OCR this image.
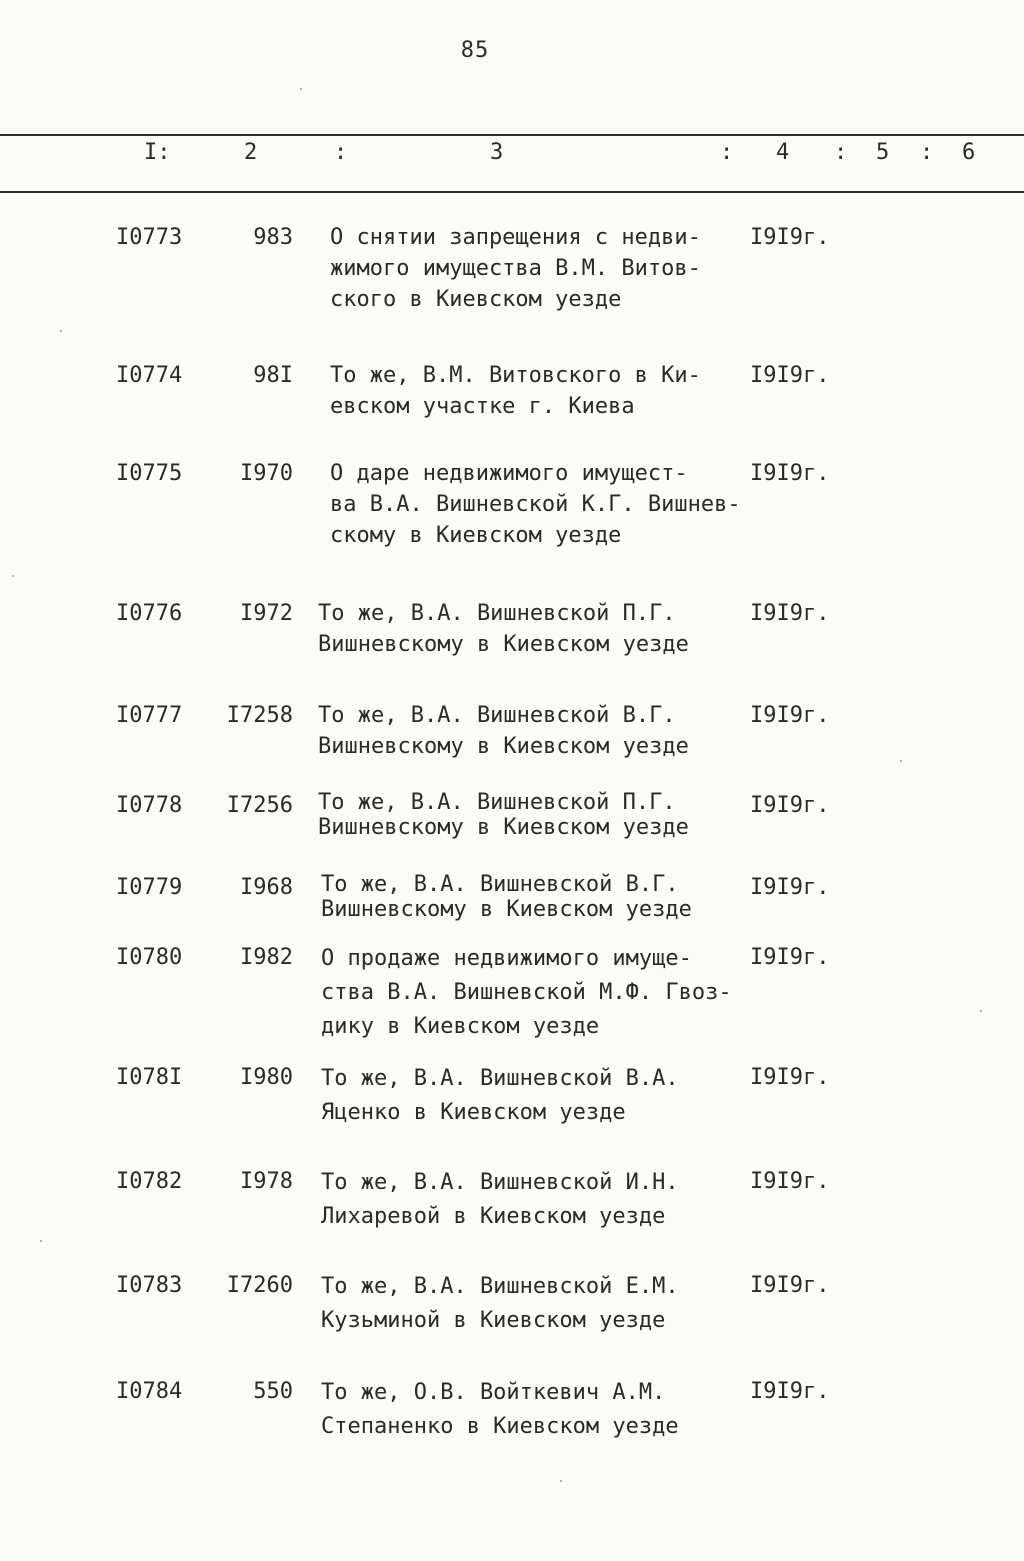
85
I:	2	:	3	: 4 : 5 : 6
I0773	983 О снятии запрещения с недви-
жимого имущества В.М. Витов-
ского в Киевском уезде
I9I9г.
I0774	98I То же, В.М. Витовского в Ки-
евском участке г. Киева
I9I9г.
I0775	I970 О даре недвижимого имущест-
ва В.А. Вишневской К.Г. Вишнев-
скому в Киевском уезде
I9I9г.
I0776	I972 То же, В.А. Вишневской П.Г.
Вишневскому в Киевском уезде
I9I9г.
I0777	I7258 То же, В.А. Вишневской В.Г.
Вишневскому в Киевском уезде
I9I9г.
I0778	I7256 То же, В.А. Вишневской П.Г.
Вишневскому в Киевском уезде
I9I9г.
I0779	I968 То же, В.А. Вишневской В.Г.
Вишневскому в Киевском уезде
I9I9г.
I0780	I982 О продаже недвижимого имуще-
ства В.А. Вишневской М.Ф. Гвоз-
дику в Киевском уезде
I9I9г.
I078I	I980 То же, В.А. Вишневской В.А.
Яценко в Киевском уезде
I9I9г.
I0782	I978 То же, В.А. Вишневской И.Н.
Лихаревой в Киевском уезде
I9I9г.
I0783	I7260 То же, В.А. Вишневской Е.М.
Кузьминой в Киевском уезде
I9I9г.
I0784	550 То же, О.В. Войткевич А.М.
Степаненко в Киевском уезде
I9I9г.
